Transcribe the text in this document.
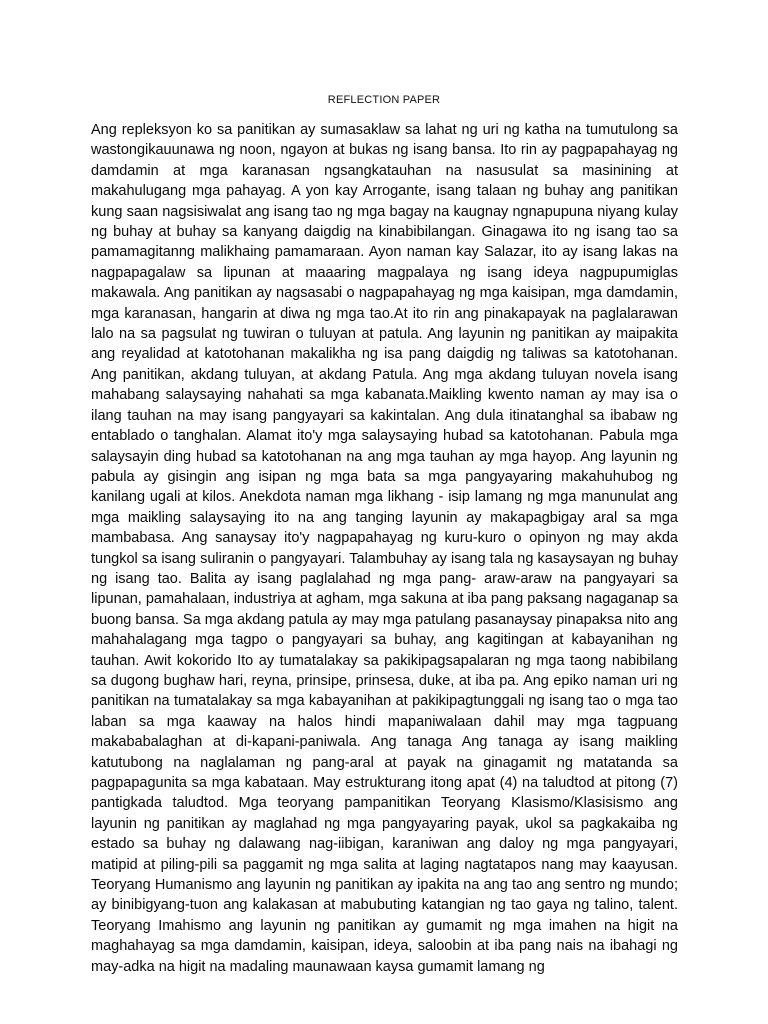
REFLECTION PAPER

Ang repleksyon ko sa panitikan ay sumasaklaw sa lahat ng uri ng katha na tumutulong sa wastongikauunawa ng noon, ngayon at bukas ng isang bansa. Ito rin ay pagpapahayag ng damdamin at mga karanasan ngsangkatauhan na nasusulat sa masinining at makahulugang mga pahayag. A yon kay Arrogante, isang talaan ng buhay ang panitikan kung saan nagsisiwalat ang isang tao ng mga bagay na kaugnay ngnapupuna niyang kulay ng buhay at buhay sa kanyang daigdig na kinabibilangan. Ginagawa ito ng isang tao sa pamamagitanng malikhaing pamamaraan. Ayon naman kay Salazar, ito ay isang lakas na nagpapagalaw sa lipunan at maaaring magpalaya ng isang ideya nagpupumiglas makawala. Ang panitikan ay nagsasabi o nagpapahayag ng mga kaisipan, mga damdamin, mga karanasan, hangarin at diwa ng mga tao.At ito rin ang pinakapayak na paglalarawan lalo na sa pagsulat ng tuwiran o tuluyan at patula. Ang layunin ng panitikan ay maipakita ang reyalidad at katotohanan makalikha ng isa pang daigdig ng taliwas sa katotohanan. Ang panitikan, akdang tuluyan, at akdang Patula. Ang mga akdang tuluyan novela isang mahabang salaysaying nahahati sa mga kabanata.Maikling kwento naman ay may isa o ilang tauhan na may isang pangyayari sa kakintalan. Ang dula itinatanghal sa ibabaw ng entablado o tanghalan. Alamat ito'y mga salaysaying hubad sa katotohanan. Pabula mga salaysayin ding hubad sa katotohanan na ang mga tauhan ay mga hayop. Ang layunin ng pabula ay gisingin ang isipan ng mga bata sa mga pangyayaring makahuhubog ng kanilang ugali at kilos. Anekdota naman mga likhang - isip lamang ng mga manunulat ang mga maikling salaysaying ito na ang tanging layunin ay makapagbigay aral sa mga mambabasa. Ang sanaysay ito'y nagpapahayag ng kuru-kuro o opinyon ng may akda tungkol sa isang suliranin o pangyayari. Talambuhay ay isang tala ng kasaysayan ng buhay ng isang tao. Balita ay isang paglalahad ng mga pang- araw-araw na pangyayari sa lipunan, pamahalaan, industriya at agham, mga sakuna at iba pang paksang nagaganap sa buong bansa. Sa mga akdang patula ay may mga patulang pasanaysay pinapaksa nito ang mahahalagang mga tagpo o pangyayari sa buhay, ang kagitingan at kabayanihan ng tauhan. Awit kokorido Ito ay tumatalakay sa pakikipagsapalaran ng mga taong nabibilang sa dugong bughaw hari, reyna, prinsipe, prinsesa, duke, at iba pa. Ang epiko naman uri ng panitikan na tumatalakay sa mga kabayanihan at pakikipagtunggali ng isang tao o mga tao laban sa mga kaaway na halos hindi mapaniwalaan dahil may mga tagpuang makababalaghan at di-kapani-paniwala. Ang tanaga Ang tanaga ay isang maikling katutubong na naglalaman ng pang-aral at payak na ginagamit ng matatanda sa pagpapagunita sa mga kabataan. May estrukturang itong apat (4) na taludtod at pitong (7) pantigkada taludtod. Mga teoryang pampanitikan Teoryang Klasismo/Klasisismo ang layunin ng panitikan ay maglahad ng mga pangyayaring payak, ukol sa pagkakaiba ng estado sa buhay ng dalawang nag-iibigan, karaniwan ang daloy ng mga pangyayari, matipid at piling-pili sa paggamit ng mga salita at laging nagtatapos nang may kaayusan. Teoryang Humanismo ang layunin ng panitikan ay ipakita na ang tao ang sentro ng mundo; ay binibigyang-tuon ang kalakasan at mabubuting katangian ng tao gaya ng talino, talent. Teoryang Imahismo ang layunin ng panitikan ay gumamit ng mga imahen na higit na maghahayag sa mga damdamin, kaisipan, ideya, saloobin at iba pang nais na ibahagi ng may-adka na higit na madaling maunawaan kaysa gumamit lamang ng
